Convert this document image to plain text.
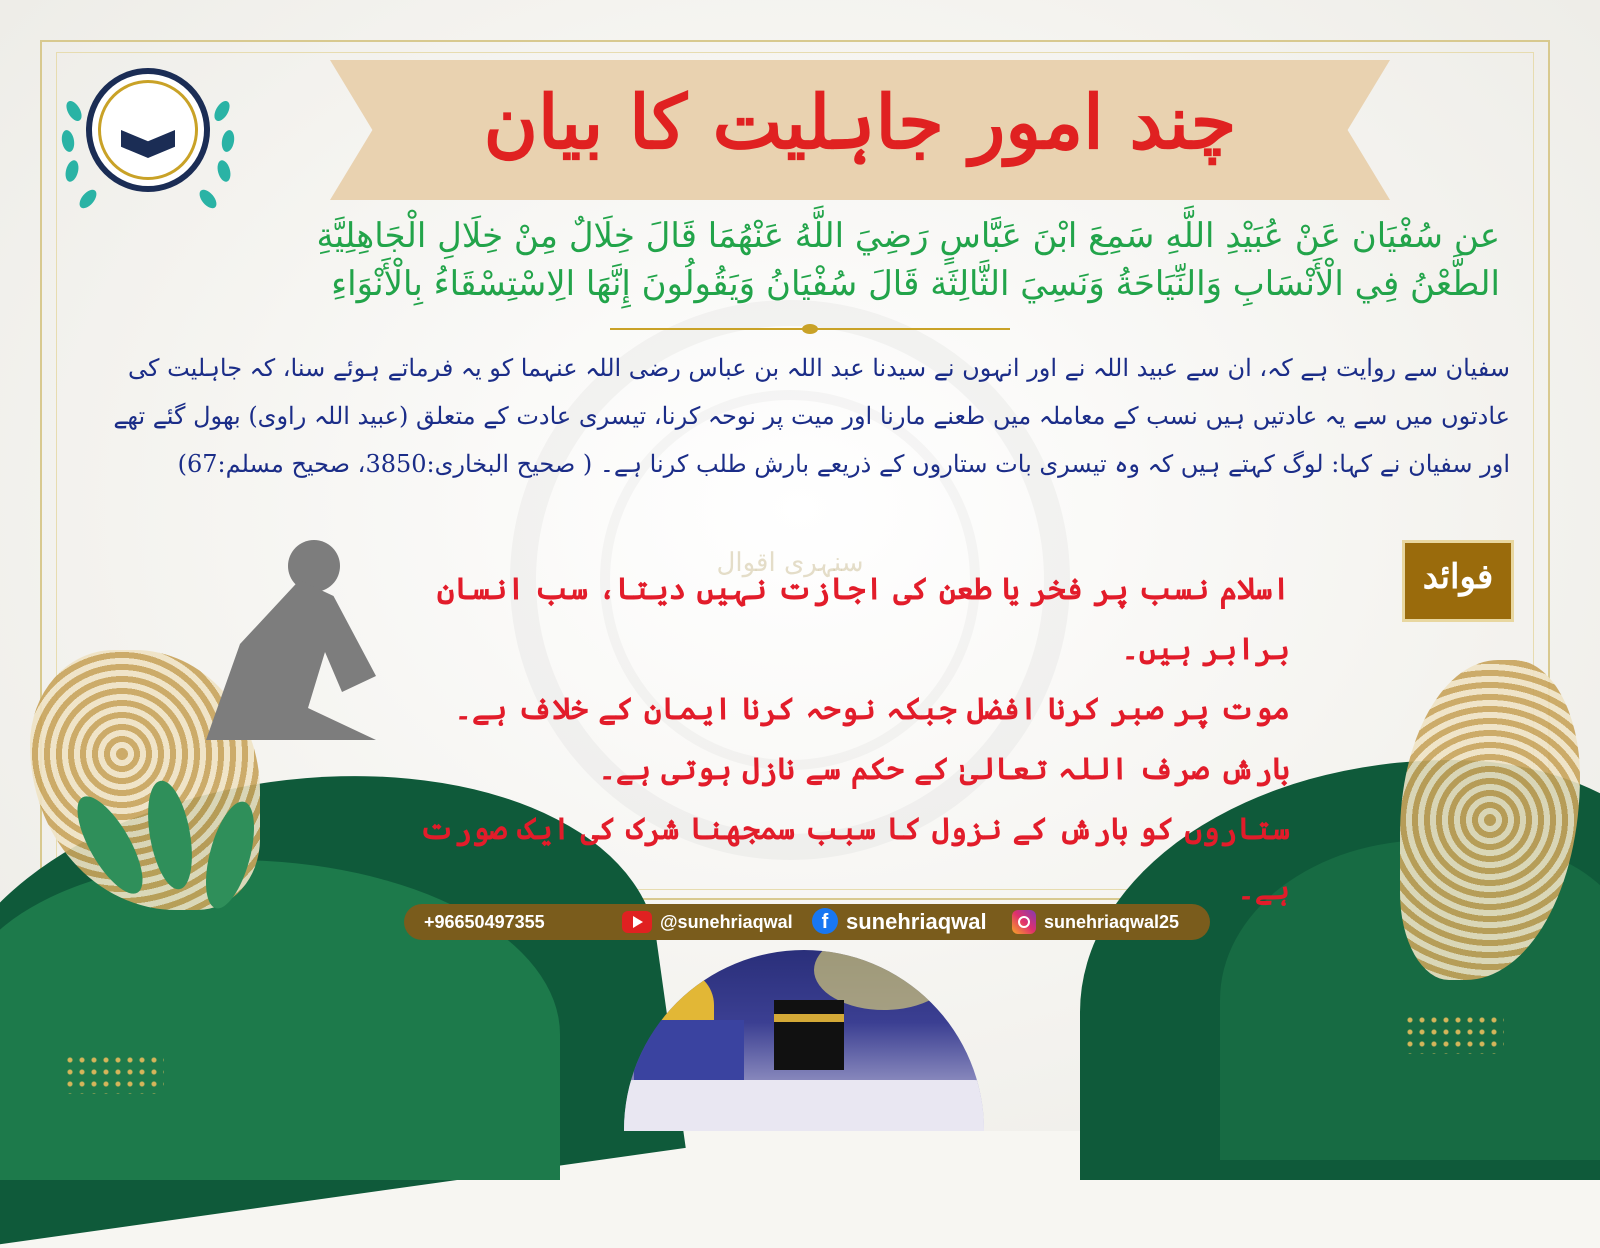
سنہری اقوال
چند امور جاہلیت کا بیان
عن سُفْيَان عَنْ عُبَيْدِ اللَّهِ سَمِعَ ابْنَ عَبَّاسٍ رَضِيَ اللَّهُ عَنْهُمَا قَالَ خِلَالٌ مِنْ خِلَالِ الْجَاهِلِيَّةِ
الطَّعْنُ فِي الْأَنْسَابِ وَالنِّيَاحَةُ وَنَسِيَ الثَّالِثَة قَالَ سُفْيَانُ وَيَقُولُونَ إِنَّهَا الِاسْتِسْقَاءُ بِالْأَنْوَاءِ
سفیان سے روایت ہے کہ، ان سے عبید اللہ نے اور انہوں نے سیدنا عبد اللہ بن عباس رضی اللہ عنہما کو یہ فرماتے ہوئے سنا، کہ جاہلیت کی
عادتوں میں سے یہ عادتیں ہیں نسب کے معاملہ میں طعنے مارنا اور میت پر نوحہ کرنا، تیسری عادت کے متعلق (عبید اللہ راوی) بھول گئے تھے
اور سفیان نے کہا: لوگ کہتے ہیں کہ وہ تیسری بات ستاروں کے ذریعے بارش طلب کرنا ہے۔ ( صحیح البخاری:3850، صحیح مسلم:67)
فوائد
اسلام نسب پر فخر یا طعن کی اجازت نہیں دیتا، سب انسان برابر ہیں۔
موت پر صبر کرنا افضل جبکہ نوحہ کرنا ایمان کے خلاف ہے۔
بارش صرف اللہ تعالیٰ کے حکم سے نازل ہوتی ہے۔
ستاروں کو بارش کے نزول کا سبب سمجھنا شرک کی ایک صورت ہے۔
+96650497355	@sunehriaqwal	f sunehriaqwal	sunehriaqwal25
